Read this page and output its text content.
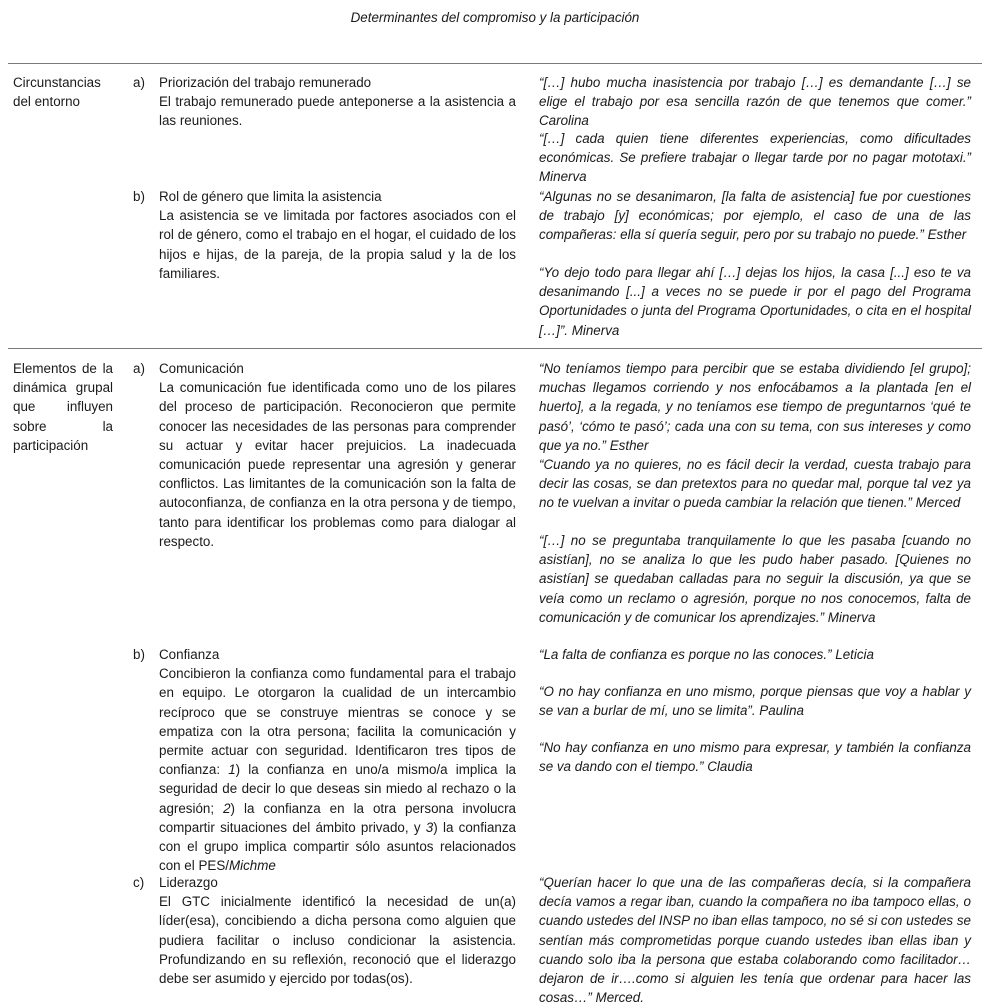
Determinantes del compromiso y la participación
Circunstancias del entorno
a) Priorización del trabajo remunerado
El trabajo remunerado puede anteponerse a la asistencia a las reuniones.
“[…] hubo mucha inasistencia por trabajo […] es demandante […] se elige el trabajo por esa sencilla razón de que tenemos que comer.” Carolina
“[…] cada quien tiene diferentes experiencias, como dificultades económicas. Se prefiere trabajar o llegar tarde por no pagar mototaxi.” Minerva
b) Rol de género que limita la asistencia
La asistencia se ve limitada por factores asociados con el rol de género, como el trabajo en el hogar, el cuidado de los hijos e hijas, de la pareja, de la propia salud y la de los familiares.
“Algunas no se desanimaron, [la falta de asistencia] fue por cuestiones de trabajo [y] económicas; por ejemplo, el caso de una de las compañeras: ella sí quería seguir, pero por su trabajo no puede.” Esther
“Yo dejo todo para llegar ahí […] dejas los hijos, la casa [...] eso te va desanimando [...] a veces no se puede ir por el pago del Programa Oportunidades o junta del Programa Oportunidades, o cita en el hospital […]”. Minerva
Elementos de la dinámica grupal que influyen sobre la participación
a) Comunicación
La comunicación fue identificada como uno de los pilares del proceso de participación. Reconocieron que permite conocer las necesidades de las personas para comprender su actuar y evitar hacer prejuicios. La inadecuada comunicación puede representar una agresión y generar conflictos. Las limitantes de la comunicación son la falta de autoconfianza, de confianza en la otra persona y de tiempo, tanto para identificar los problemas como para dialogar al respecto.
“No teníamos tiempo para percibir que se estaba dividiendo [el grupo]; muchas llegamos corriendo y nos enfocábamos a la plantada [en el huerto], a la regada, y no teníamos ese tiempo de preguntarnos ‘qué te pasó’, ‘cómo te pasó’; cada una con su tema, con sus intereses y como que ya no.” Esther
“Cuando ya no quieres, no es fácil decir la verdad, cuesta trabajo para decir las cosas, se dan pretextos para no quedar mal, porque tal vez ya no te vuelvan a invitar o pueda cambiar la relación que tienen.” Merced
“[…] no se preguntaba tranquilamente lo que les pasaba [cuando no asistían], no se analiza lo que les pudo haber pasado. [Quienes no asistían] se quedaban calladas para no seguir la discusión, ya que se veía como un reclamo o agresión, porque no nos conocemos, falta de comunicación y de comunicar los aprendizajes.” Minerva
b) Confianza
Concibieron la confianza como fundamental para el trabajo en equipo. Le otorgaron la cualidad de un intercambio recíproco que se construye mientras se conoce y se empatiza con la otra persona; facilita la comunicación y permite actuar con seguridad. Identificaron tres tipos de confianza: 1) la confianza en uno/a mismo/a implica la seguridad de decir lo que deseas sin miedo al rechazo o la agresión; 2) la confianza en la otra persona involucra compartir situaciones del ámbito privado, y 3) la confianza con el grupo implica compartir sólo asuntos relacionados con el PES/Michme
“La falta de confianza es porque no las conoces.” Leticia
“O no hay confianza en uno mismo, porque piensas que voy a hablar y se van a burlar de mí, uno se limita”. Paulina
“No hay confianza en uno mismo para expresar, y también la confianza se va dando con el tiempo.” Claudia
c) Liderazgo
El GTC inicialmente identificó la necesidad de un(a) líder(esa), concibiendo a dicha persona como alguien que pudiera facilitar o incluso condicionar la asistencia. Profundizando en su reflexión, reconoció que el liderazgo debe ser asumido y ejercido por todas(os).
“Querían hacer lo que una de las compañeras decía, si la compañera decía vamos a regar iban, cuando la compañera no iba tampoco ellas, o cuando ustedes del INSP no iban ellas tampoco, no sé si con ustedes se sentían más comprometidas porque cuando ustedes iban ellas iban y cuando solo iba la persona que estaba colaborando como facilitador…dejaron de ir….como si alguien les tenía que ordenar para hacer las cosas…” Merced.
